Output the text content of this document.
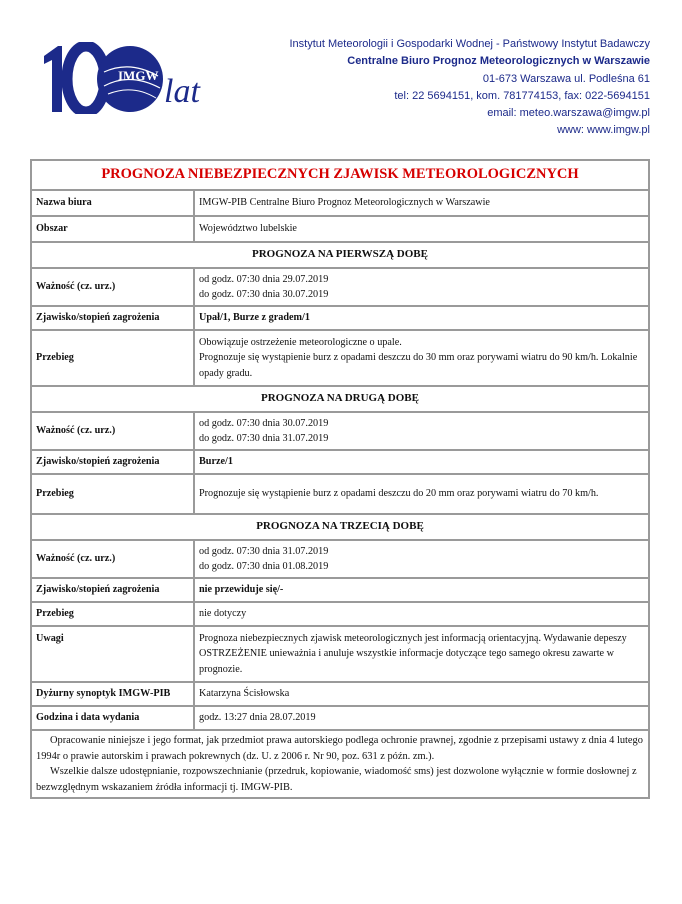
IMGW lat
Instytut Meteorologii i Gospodarki Wodnej - Państwowy Instytut Badawczy
Centralne Biuro Prognoz Meteorologicznych w Warszawie
01-673 Warszawa ul. Podleśna 61
tel: 22 5694151, kom. 781774153, fax: 022-5694151
email: meteo.warszawa@imgw.pl
www: www.imgw.pl
PROGNOZA NIEBEZPIECZNYCH ZJAWISK METEOROLOGICZNYCH	
Nazwa biura	IMGW-PIB Centralne Biuro Prognoz Meteorologicznych w Warszawie
Obszar	Województwo lubelskie
PROGNOZA NA PIERWSZĄ DOBĘ	
Ważność (cz. urz.)	od godz. 07:30 dnia 29.07.2019
do godz. 07:30 dnia 30.07.2019

Zjawisko/stopień zagrożenia	Upał/1, Burze z gradem/1
Przebieg	Obowiązuje ostrzeżenie meteorologiczne o upale.
Prognozuje się wystąpienie burz z opadami deszczu do 30 mm oraz porywami wiatru do 90 km/h. Lokalnie opady gradu.

PROGNOZA NA DRUGĄ DOBĘ	
Ważność (cz. urz.)	od godz. 07:30 dnia 30.07.2019
do godz. 07:30 dnia 31.07.2019

Zjawisko/stopień zagrożenia	Burze/1
Przebieg	Prognozuje się wystąpienie burz z opadami deszczu do 20 mm oraz porywami wiatru do 70 km/h.
PROGNOZA NA TRZECIĄ DOBĘ	
Ważność (cz. urz.)	od godz. 07:30 dnia 31.07.2019
do godz. 07:30 dnia 01.08.2019

Zjawisko/stopień zagrożenia	nie przewiduje się/-
Przebieg	nie dotyczy
Uwagi	Prognoza niebezpiecznych zjawisk meteorologicznych jest informacją orientacyjną. Wydawanie depeszy OSTRZEŻENIE unieważnia i anuluje wszystkie informacje dotyczące tego samego okresu zawarte w prognozie.
Dyżurny synoptyk IMGW-PIB	Katarzyna Ścisłowska
Godzina i data wydania	godz. 13:27 dnia 28.07.2019

Opracowanie niniejsze i jego format, jak przedmiot prawa autorskiego podlega ochronie prawnej, zgodnie z przepisami ustawy z dnia 4 lutego 1994r o prawie autorskim i prawach pokrewnych (dz. U. z 2006 r. Nr 90, poz. 631 z późn. zm.).

Wszelkie dalsze udostępnianie, rozpowszechnianie (przedruk, kopiowanie, wiadomość sms) jest dozwolone wyłącznie w formie dosłownej z bezwzględnym wskazaniem źródła informacji tj. IMGW-PIB.	
